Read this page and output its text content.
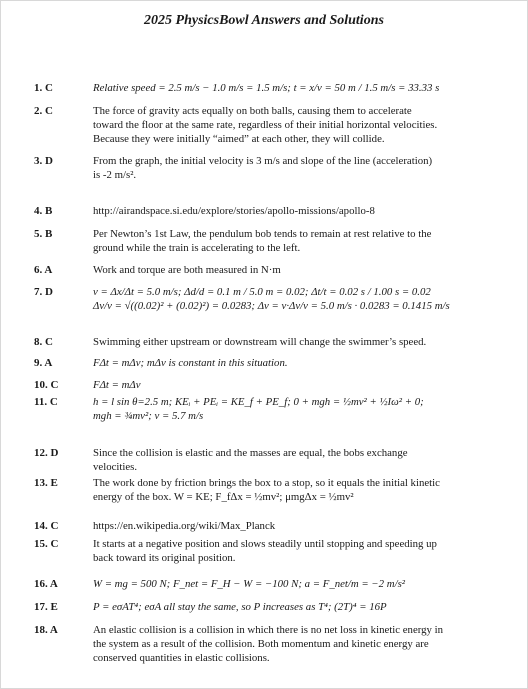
2025 PhysicsBowl Answers and Solutions
1. C	Relative speed = 2.5 m/s − 1.0 m/s = 1.5 m/s; t = x/v = 50 m / 1.5 m/s = 33.33 s
2. C	The force of gravity acts equally on both balls, causing them to accelerate
toward the floor at the same rate, regardless of their initial horizontal velocities.
Because they were initially “aimed” at each other, they will collide.
3. D	From the graph, the initial velocity is 3 m/s and slope of the line (acceleration)
is -2 m/s².
4. B	http://airandspace.si.edu/explore/stories/apollo-missions/apollo-8
5. B	Per Newton’s 1st Law, the pendulum bob tends to remain at rest relative to the
ground while the train is accelerating to the left.
6. A	Work and torque are both measured in N·m
7. D	v = Δx/Δt = 5.0 m/s; Δd/d = 0.1 m / 5.0 m = 0.02; Δt/t = 0.02 s / 1.00 s = 0.02
Δv/v = √((0.02)² + (0.02)²) = 0.0283; Δv = v·Δv/v = 5.0 m/s · 0.0283 = 0.1415 m/s
8. C	Swimming either upstream or downstream will change the swimmer’s speed.
9. A	FΔt = mΔv; mΔv is constant in this situation.
10. C	FΔt = mΔv
11. C	h = l sin θ=2.5 m; KEᵢ + PEᵢ = KE_f + PE_f; 0 + mgh = ½mv² + ½Iω² + 0;
mgh = ¾mv²; v = 5.7 m/s
12. D	Since the collision is elastic and the masses are equal, the bobs exchange
velocities.
13. E	The work done by friction brings the box to a stop, so it equals the initial kinetic
energy of the box. W = KE; F_fΔx = ½mv²; μmgΔx = ½mv²
14. C	https://en.wikipedia.org/wiki/Max_Planck
15. C	It starts at a negative position and slows steadily until stopping and speeding up
back toward its original position.
16. A	W = mg = 500 N; F_net = F_H − W = −100 N; a = F_net/m = −2 m/s²
17. E	P = eσAT⁴; eσA all stay the same, so P increases as T⁴; (2T)⁴ = 16P
18. A	An elastic collision is a collision in which there is no net loss in kinetic energy in
the system as a result of the collision. Both momentum and kinetic energy are
conserved quantities in elastic collisions.
